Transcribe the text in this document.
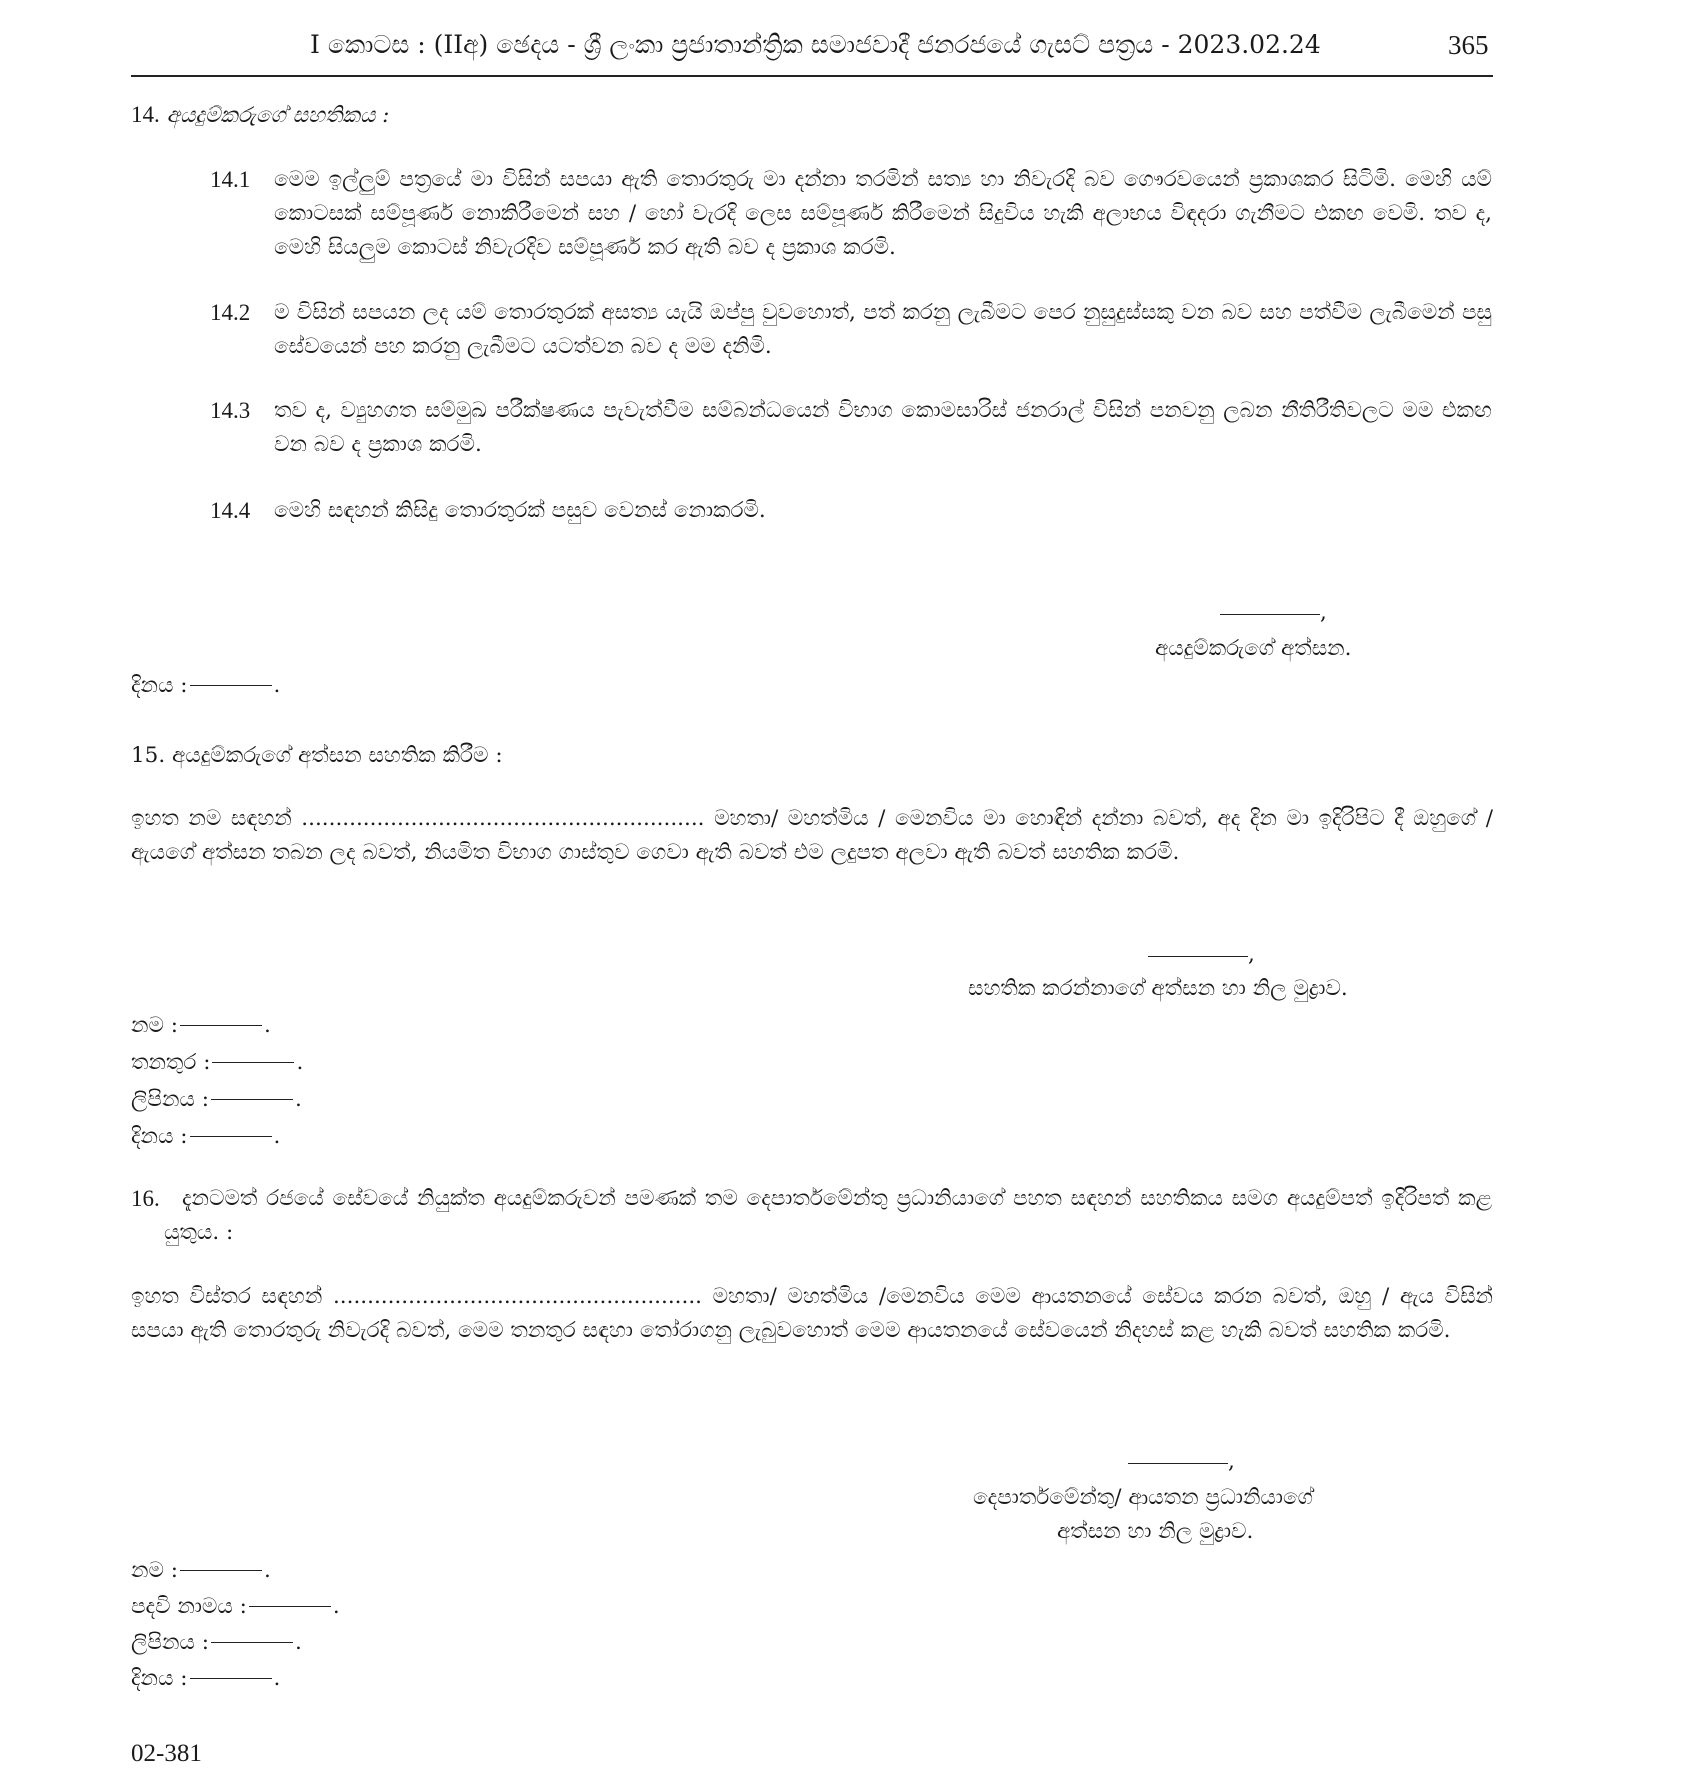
I කොටස : (IIඅ) ඡෙදය - ශ්‍රී ලංකා ප්‍රජාතාන්ත්‍රික සමාජවාදී ජනරජයේ ගැසට් පත්‍රය - 2023.02.24	365
14. අයදුම්කරුගේ සහතිකය :
14.1 මෙම ඉල්ලුම් පත්‍රයේ මා විසින් සපයා ඇති තොරතුරු මා දන්නා තරමින් සත්‍ය හා නිවැරදි බව ගෞරවයෙන් ප්‍රකාශකර සිටිමි. මෙහි යම් කොටසක් සම්පූර්ණ නොකිරීමෙන් සහ / හෝ වැරදි ලෙස සම්පූර්ණ කිරීමෙන් සිදුවිය හැකි අලාභය විඳදරා ගැනීමට එකඟ වෙමි. තව ද, මෙහි සියලුම කොටස් නිවැරදිව සම්පූර්ණ කර ඇති බව ද ප්‍රකාශ කරමි.
14.2 ම විසින් සපයන ලද යම් තොරතුරක් අසත්‍ය යැයි ඔප්පු වුවහොත්, පත් කරනු ලැබීමට පෙර නුසුදුස්සකු වන බව සහ පත්වීම ලැබීමෙන් පසු සේවයෙන් පහ කරනු ලැබීමට යටත්වන බව ද මම දනිමි.
14.3 තව ද, ව්‍යුහගත සම්මුඛ පරීක්ෂණය පැවැත්වීම සම්බන්ධයෙන් විභාග කොමසාරිස් ජනරාල් විසින් පනවනු ලබන නීතිරීතිවලට මම එකඟ වන බව ද ප්‍රකාශ කරමි.
14.4 මෙහි සඳහන් කිසිදු තොරතුරක් පසුව වෙනස් නොකරමි.
,
අයදුම්කරුගේ අත්සන.
දිනය :	.
15. අයදුම්කරුගේ අත්සන සහතික කිරීම :
ඉහත නම සඳහන් ........................................................... මහතා/ මහත්මිය / මෙනවිය මා හොඳින් දන්නා බවත්, අද දින මා ඉදිරිපිට දී ඔහුගේ / ඇයගේ අත්සන තබන ලද බවත්, නියමිත විභාග ගාස්තුව ගෙවා ඇති බවත් එම ලදුපත අලවා ඇති බවත් සහතික කරමි.
,
සහතික කරන්නාගේ අත්සන හා නිල මුද්‍රාව.
නම :	.
තනතුර :	.
ලිපිනය :	.
දිනය :	.
16.	දැනටමත් රජයේ සේවයේ නියුක්ත අයදුම්කරුවන් පමණක් තම දෙපාර්තමේන්තු ප්‍රධානියාගේ පහත සඳහන් සහතිකය සමග අයදුම්පත් ඉදිරිපත් කළ යුතුය. :
ඉහත විස්තර සඳහන් ...................................................... මහතා/ මහත්මිය /මෙනවිය මෙම ආයතනයේ සේවය කරන බවත්, ඔහු / ඇය විසින් සපයා ඇති තොරතුරු නිවැරදි බවත්, මෙම තනතුර සඳහා තෝරාගනු ලැබුවහොත් මෙම ආයතනයේ සේවයෙන් නිදහස් කළ හැකි බවත් සහතික කරමි.
,
දෙපාර්තමේන්තු/ ආයතන ප්‍රධානියාගේ
අත්සන හා නිල මුද්‍රාව.
නම :	.
පදවි නාමය :	.
ලිපිනය :	.
දිනය :	.
02-381
